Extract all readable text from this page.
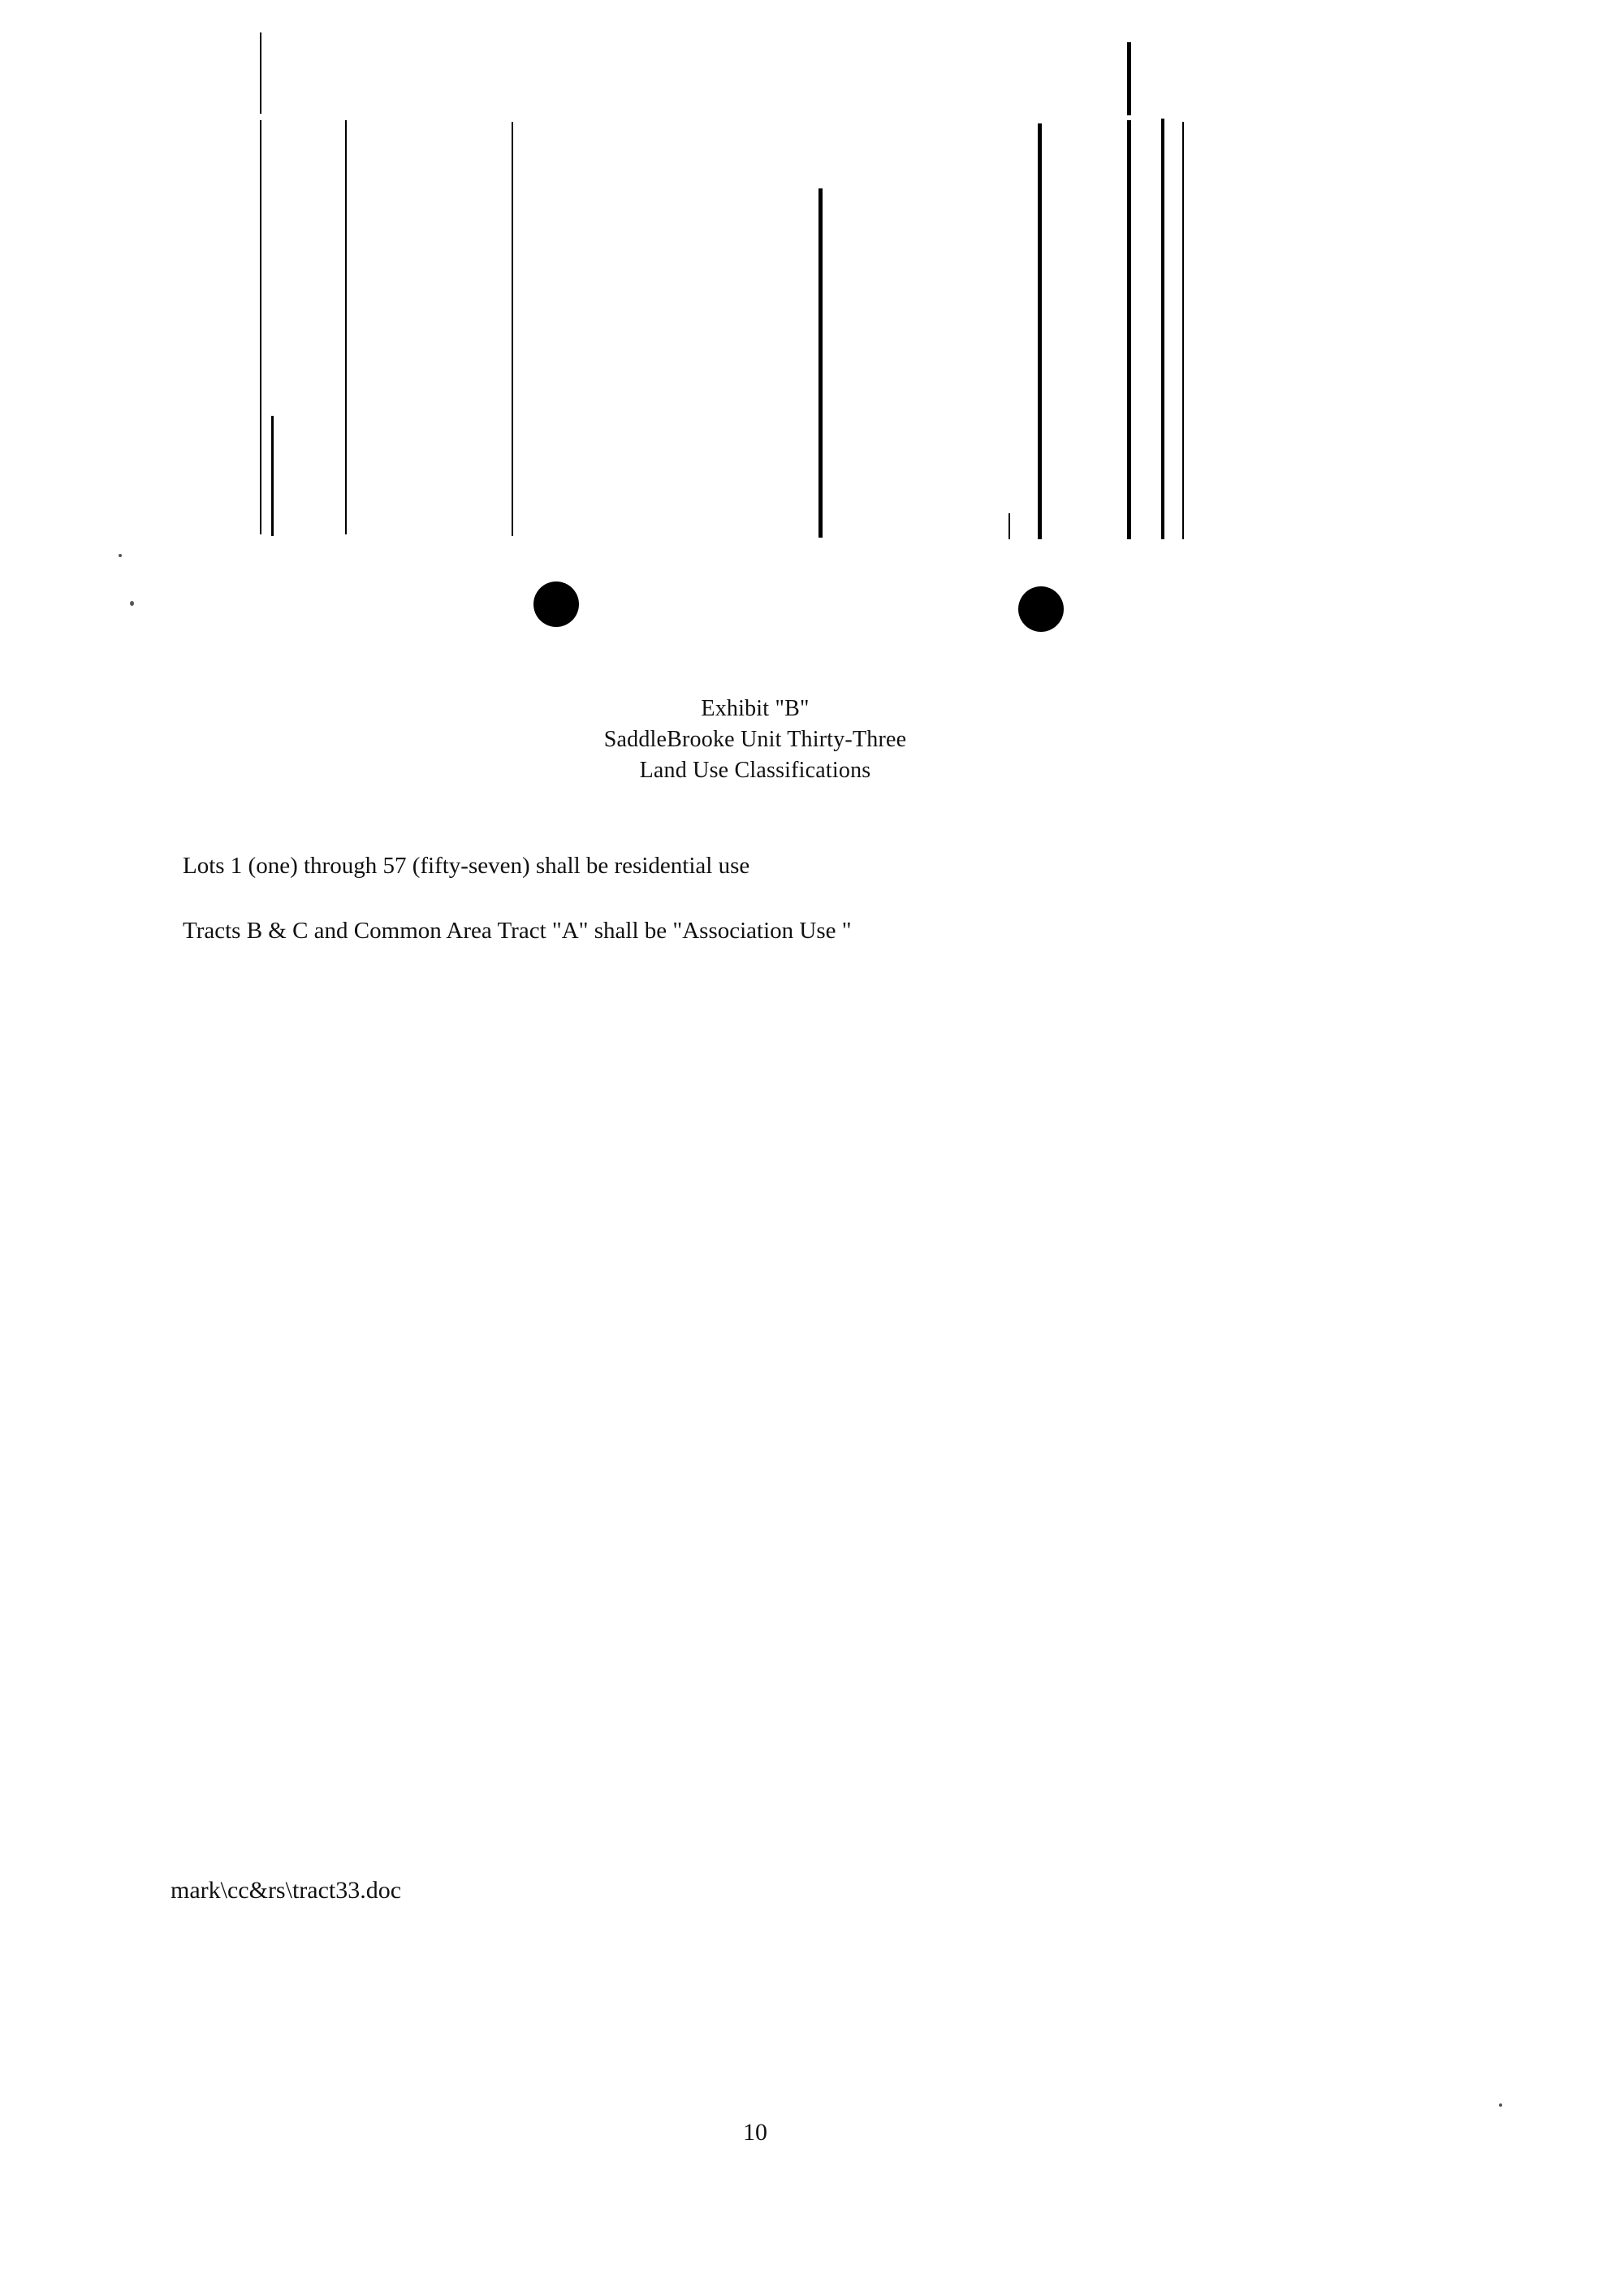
Exhibit "B"
SaddleBrooke Unit Thirty-Three
Land Use Classifications
Lots 1 (one) through 57 (fifty-seven) shall be residential use
Tracts B & C and Common Area Tract "A" shall be "Association Use "
mark\cc&rs\tract33.doc
10
